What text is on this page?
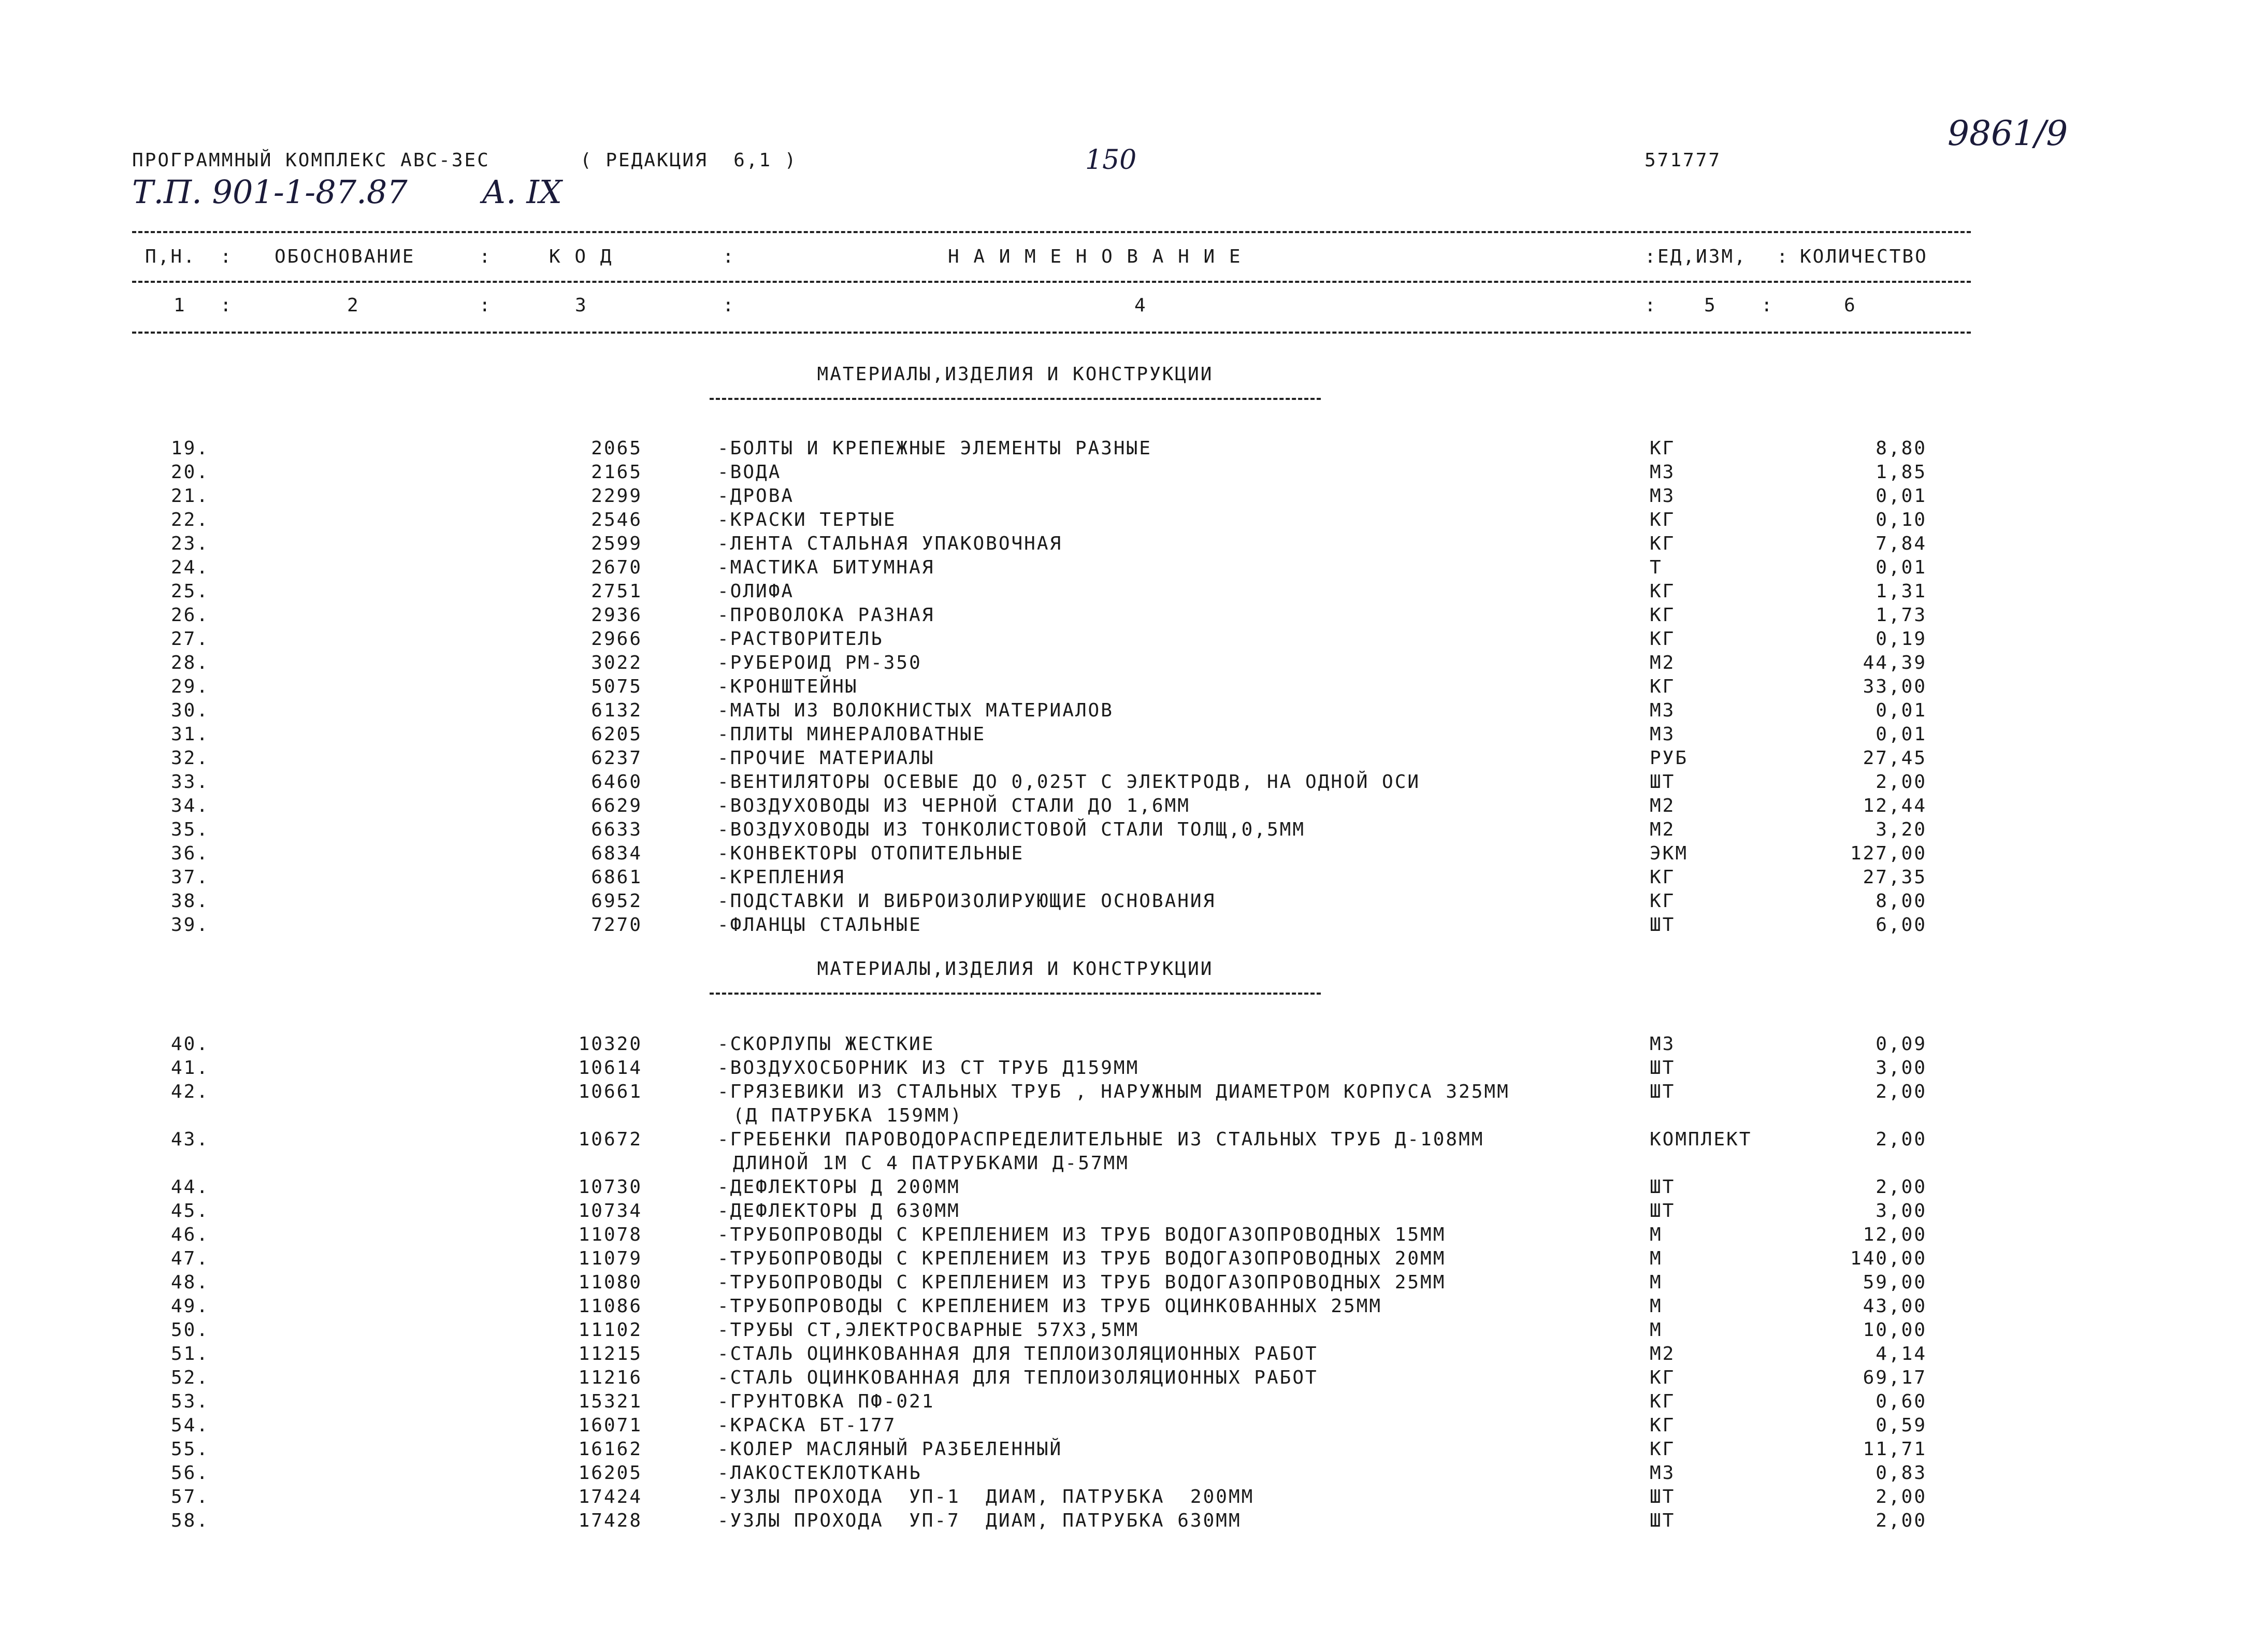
ПРОГРАММНЫЙ КОМПЛЕКС АВС-3ЕС	( РЕДАКЦИЯ  6,1 )	150	571777
9861/9
Т.П. 901-1-87.87 А. IX
П,Н. : ОБОСНОВАНИЕ	:	К О Д	:	Н А И М Е Н О В А Н И Е	: ЕД,ИЗМ, : КОЛИЧЕСТВО
1 :	2	:	3	:	4	:	5 :	6
МАТЕРИАЛЫ,ИЗДЕЛИЯ И КОНСТРУКЦИИ
19.	2065	-БОЛТЫ И КРЕПЕЖНЫЕ ЭЛЕМЕНТЫ РАЗНЫЕ	КГ	8,80
20.	2165	-ВОДА	М3	1,85
21.	2299	-ДРОВА	М3	0,01
22.	2546	-КРАСКИ ТЕРТЫЕ	КГ	0,10
23.	2599	-ЛЕНТА СТАЛЬНАЯ УПАКОВОЧНАЯ	КГ	7,84
24.	2670	-МАСТИКА БИТУМНАЯ	Т	0,01
25.	2751	-ОЛИФА	КГ	1,31
26.	2936	-ПРОВОЛОКА РАЗНАЯ	КГ	1,73
27.	2966	-РАСТВОРИТЕЛЬ	КГ	0,19
28.	3022	-РУБЕРОИД РМ-350	М2	44,39
29.	5075	-КРОНШТЕЙНЫ	КГ	33,00
30.	6132	-МАТЫ ИЗ ВОЛОКНИСТЫХ МАТЕРИАЛОВ	М3	0,01
31.	6205	-ПЛИТЫ МИНЕРАЛОВАТНЫЕ	М3	0,01
32.	6237	-ПРОЧИЕ МАТЕРИАЛЫ	РУБ	27,45
33.	6460	-ВЕНТИЛЯТОРЫ ОСЕВЫЕ ДО 0,025Т С ЭЛЕКТРОДВ, НА ОДНОЙ ОСИ	ШТ	2,00
34.	6629	-ВОЗДУХОВОДЫ ИЗ ЧЕРНОЙ СТАЛИ ДО 1,6ММ	М2	12,44
35.	6633	-ВОЗДУХОВОДЫ ИЗ ТОНКОЛИСТОВОЙ СТАЛИ ТОЛЩ,0,5ММ	М2	3,20
36.	6834	-КОНВЕКТОРЫ ОТОПИТЕЛЬНЫЕ	ЭКМ	127,00
37.	6861	-КРЕПЛЕНИЯ	КГ	27,35
38.	6952	-ПОДСТАВКИ И ВИБРОИЗОЛИРУЮЩИЕ ОСНОВАНИЯ	КГ	8,00
39.	7270	-ФЛАНЦЫ СТАЛЬНЫЕ	ШТ	6,00
МАТЕРИАЛЫ,ИЗДЕЛИЯ И КОНСТРУКЦИИ
40.	10320	-СКОРЛУПЫ ЖЕСТКИЕ	М3	0,09
41.	10614	-ВОЗДУХОСБОРНИК ИЗ СТ ТРУБ Д159ММ	ШТ	3,00
42.	10661	-ГРЯЗЕВИКИ ИЗ СТАЛЬНЫХ ТРУБ , НАРУЖНЫМ ДИАМЕТРОМ КОРПУСА 325ММ	ШТ	2,00
(Д ПАТРУБКА 159ММ)
43.	10672	-ГРЕБЕНКИ ПАРОВОДОРАСПРЕДЕЛИТЕЛЬНЫЕ ИЗ СТАЛЬНЫХ ТРУБ Д-108ММ	КОМПЛЕКТ	2,00
ДЛИНОЙ 1М С 4 ПАТРУБКАМИ Д-57ММ
44.	10730	-ДЕФЛЕКТОРЫ Д 200ММ	ШТ	2,00
45.	10734	-ДЕФЛЕКТОРЫ Д 630ММ	ШТ	3,00
46.	11078	-ТРУБОПРОВОДЫ С КРЕПЛЕНИЕМ ИЗ ТРУБ ВОДОГАЗОПРОВОДНЫХ 15ММ	М	12,00
47.	11079	-ТРУБОПРОВОДЫ С КРЕПЛЕНИЕМ ИЗ ТРУБ ВОДОГАЗОПРОВОДНЫХ 20ММ	М	140,00
48.	11080	-ТРУБОПРОВОДЫ С КРЕПЛЕНИЕМ ИЗ ТРУБ ВОДОГАЗОПРОВОДНЫХ 25ММ	М	59,00
49.	11086	-ТРУБОПРОВОДЫ С КРЕПЛЕНИЕМ ИЗ ТРУБ ОЦИНКОВАННЫХ 25ММ	М	43,00
50.	11102	-ТРУБЫ СТ,ЭЛЕКТРОСВАРНЫЕ 57Х3,5ММ	М	10,00
51.	11215	-СТАЛЬ ОЦИНКОВАННАЯ ДЛЯ ТЕПЛОИЗОЛЯЦИОННЫХ РАБОТ	М2	4,14
52.	11216	-СТАЛЬ ОЦИНКОВАННАЯ ДЛЯ ТЕПЛОИЗОЛЯЦИОННЫХ РАБОТ	КГ	69,17
53.	15321	-ГРУНТОВКА ПФ-021	КГ	0,60
54.	16071	-КРАСКА БТ-177	КГ	0,59
55.	16162	-КОЛЕР МАСЛЯНЫЙ РАЗБЕЛЕННЫЙ	КГ	11,71
56.	16205	-ЛАКОСТЕКЛОТКАНЬ	М3	0,83
57.	17424	-УЗЛЫ ПРОХОДА  УП-1  ДИАМ, ПАТРУБКА  200ММ	ШТ	2,00
58.	17428	-УЗЛЫ ПРОХОДА  УП-7  ДИАМ, ПАТРУБКА 630ММ	ШТ	2,00
